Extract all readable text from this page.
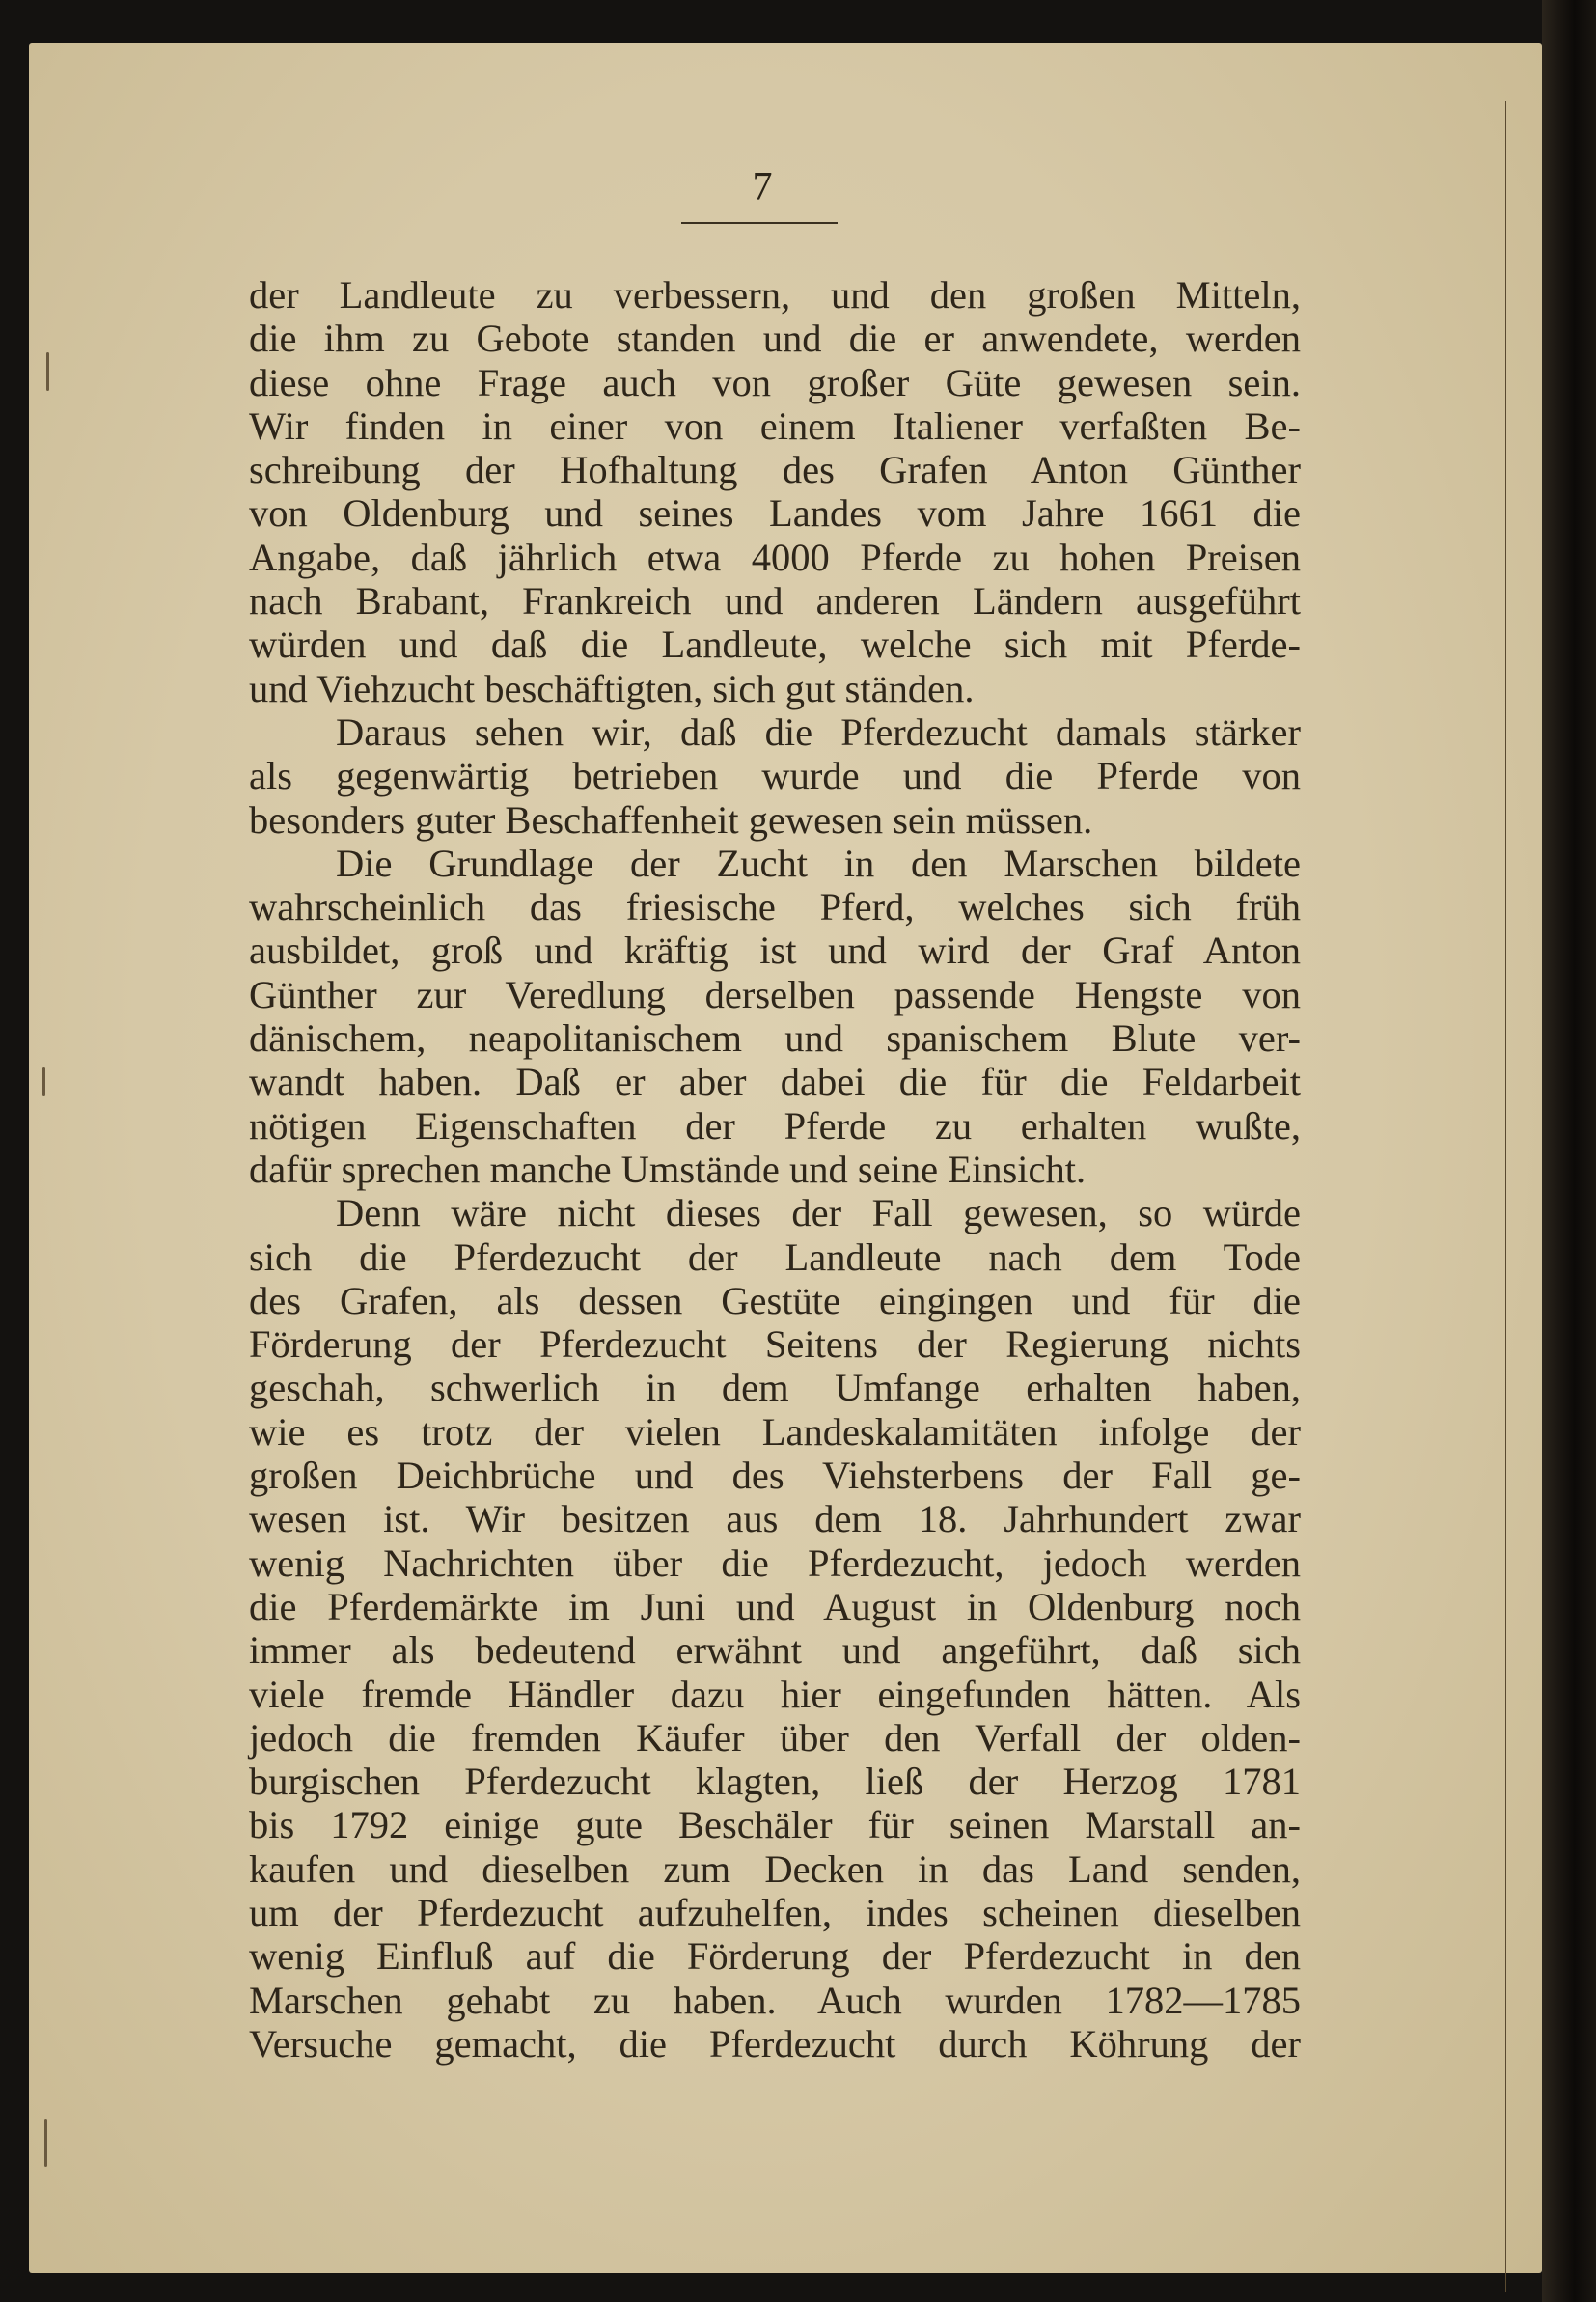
7
der Landleute zu verbessern, und den großen Mitteln,
die ihm zu Gebote standen und die er anwendete, werden
diese ohne Frage auch von großer Güte gewesen sein.
Wir finden in einer von einem Italiener verfaßten Be-
schreibung der Hofhaltung des Grafen Anton Günther
von Oldenburg und seines Landes vom Jahre 1661 die
Angabe, daß jährlich etwa 4000 Pferde zu hohen Preisen
nach Brabant, Frankreich und anderen Ländern ausgeführt
würden und daß die Landleute, welche sich mit Pferde-
und Viehzucht beschäftigten, sich gut ständen.
Daraus sehen wir, daß die Pferdezucht damals stärker
als gegenwärtig betrieben wurde und die Pferde von
besonders guter Beschaffenheit gewesen sein müssen.
Die Grundlage der Zucht in den Marschen bildete
wahrscheinlich das friesische Pferd, welches sich früh
ausbildet, groß und kräftig ist und wird der Graf Anton
Günther zur Veredlung derselben passende Hengste von
dänischem, neapolitanischem und spanischem Blute ver-
wandt haben. Daß er aber dabei die für die Feldarbeit
nötigen Eigenschaften der Pferde zu erhalten wußte,
dafür sprechen manche Umstände und seine Einsicht.
Denn wäre nicht dieses der Fall gewesen, so würde
sich die Pferdezucht der Landleute nach dem Tode
des Grafen, als dessen Gestüte eingingen und für die
Förderung der Pferdezucht Seitens der Regierung nichts
geschah, schwerlich in dem Umfange erhalten haben,
wie es trotz der vielen Landeskalamitäten infolge der
großen Deichbrüche und des Viehsterbens der Fall ge-
wesen ist. Wir besitzen aus dem 18. Jahrhundert zwar
wenig Nachrichten über die Pferdezucht, jedoch werden
die Pferdemärkte im Juni und August in Oldenburg noch
immer als bedeutend erwähnt und angeführt, daß sich
viele fremde Händler dazu hier eingefunden hätten. Als
jedoch die fremden Käufer über den Verfall der olden-
burgischen Pferdezucht klagten, ließ der Herzog 1781
bis 1792 einige gute Beschäler für seinen Marstall an-
kaufen und dieselben zum Decken in das Land senden,
um der Pferdezucht aufzuhelfen, indes scheinen dieselben
wenig Einfluß auf die Förderung der Pferdezucht in den
Marschen gehabt zu haben. Auch wurden 1782—1785
Versuche gemacht, die Pferdezucht durch Köhrung der
